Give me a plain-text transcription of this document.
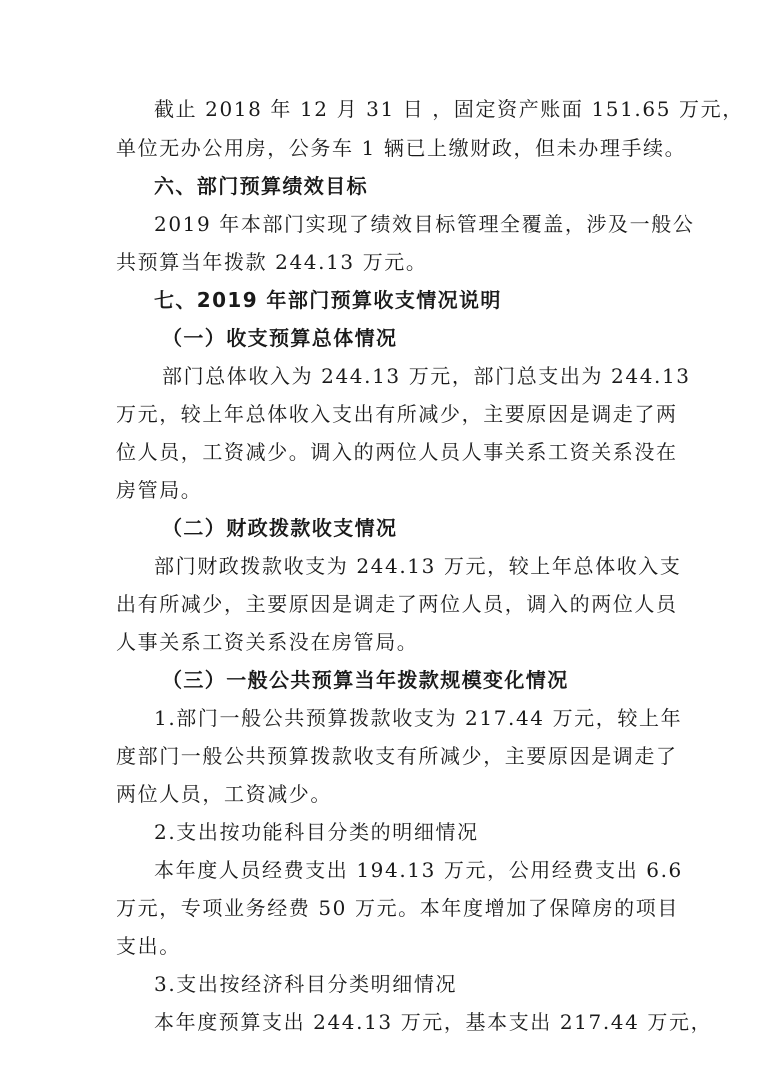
截止 2018 年 12 月 31 日 ，固定资产账面 151.65 万元，
单位无办公用房，公务车 1 辆已上缴财政，但未办理手续。
六、部门预算绩效目标
2019 年本部门实现了绩效目标管理全覆盖，涉及一般公
共预算当年拨款 244.13 万元。
七、2019 年部门预算收支情况说明
（一）收支预算总体情况
部门总体收入为 244.13 万元，部门总支出为 244.13
万元，较上年总体收入支出有所减少，主要原因是调走了两
位人员，工资减少。调入的两位人员人事关系工资关系没在
房管局。
（二）财政拨款收支情况
部门财政拨款收支为 244.13 万元，较上年总体收入支
出有所减少，主要原因是调走了两位人员，调入的两位人员
人事关系工资关系没在房管局。
（三）一般公共预算当年拨款规模变化情况
1.部门一般公共预算拨款收支为 217.44 万元，较上年
度部门一般公共预算拨款收支有所减少，主要原因是调走了
两位人员，工资减少。
2.支出按功能科目分类的明细情况
本年度人员经费支出 194.13 万元，公用经费支出 6.6
万元，专项业务经费 50 万元。本年度增加了保障房的项目
支出。
3.支出按经济科目分类明细情况
本年度预算支出 244.13 万元，基本支出 217.44 万元，
